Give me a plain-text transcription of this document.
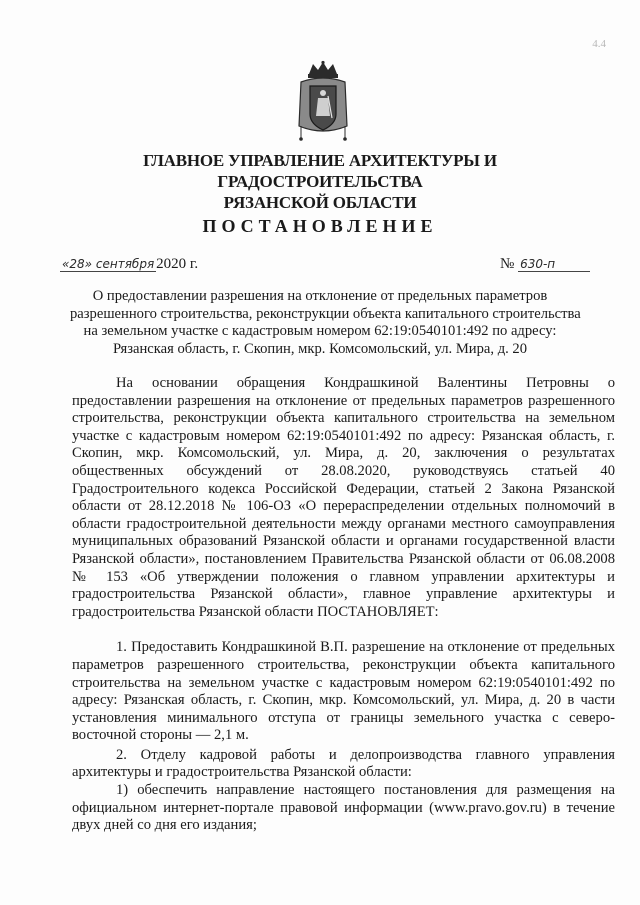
4.4
ГЛАВНОЕ УПРАВЛЕНИЕ АРХИТЕКТУРЫ И ГРАДОСТРОИТЕЛЬСТВА
РЯЗАНСКОЙ ОБЛАСТИ
ПОСТАНОВЛЕНИЕ
«28» сентября 2020 г.	№ 630-п
О предоставлении разрешения на отклонение от предельных параметров
разрешенного строительства, реконструкции объекта капитального строительства
на земельном участке с кадастровым номером 62:19:0540101:492 по адресу:
Рязанская область, г. Скопин, мкр. Комсомольский, ул. Мира, д. 20

На основании обращения Кондрашкиной Валентины Петровны о предоставлении разрешения на отклонение от предельных параметров разрешенного строительства, реконструкции объекта капитального строительства на земельном участке с кадастровым номером 62:19:0540101:492 по адресу: Рязанская область, г. Скопин, мкр. Комсомольский, ул. Мира, д. 20, заключения о результатах общественных обсуждений от 28.08.2020, руководствуясь статьей 40 Градостроительного кодекса Российской Федерации, статьей 2 Закона Рязанской области от 28.12.2018 № 106-ОЗ «О перераспределении отдельных полномочий в области градостроительной деятельности между органами местного самоуправления муниципальных образований Рязанской области и органами государственной власти Рязанской области», постановлением Правительства Рязанской области от 06.08.2008 № 153 «Об утверждении положения о главном управлении архитектуры и градостроительства Рязанской области», главное управление архитектуры и градостроительства Рязанской области ПОСТАНОВЛЯЕТ:

1. Предоставить Кондрашкиной В.П. разрешение на отклонение от предельных параметров разрешенного строительства, реконструкции объекта капитального строительства на земельном участке с кадастровым номером 62:19:0540101:492 по адресу: Рязанская область, г. Скопин, мкр. Комсомольский, ул. Мира, д. 20 в части установления минимального отступа от границы земельного участка с северо-восточной стороны — 2,1 м.

2. Отделу кадровой работы и делопроизводства главного управления архитектуры и градостроительства Рязанской области:

1) обеспечить направление настоящего постановления для размещения на официальном интернет-портале правовой информации (www.pravo.gov.ru) в течение двух дней со дня его издания;
